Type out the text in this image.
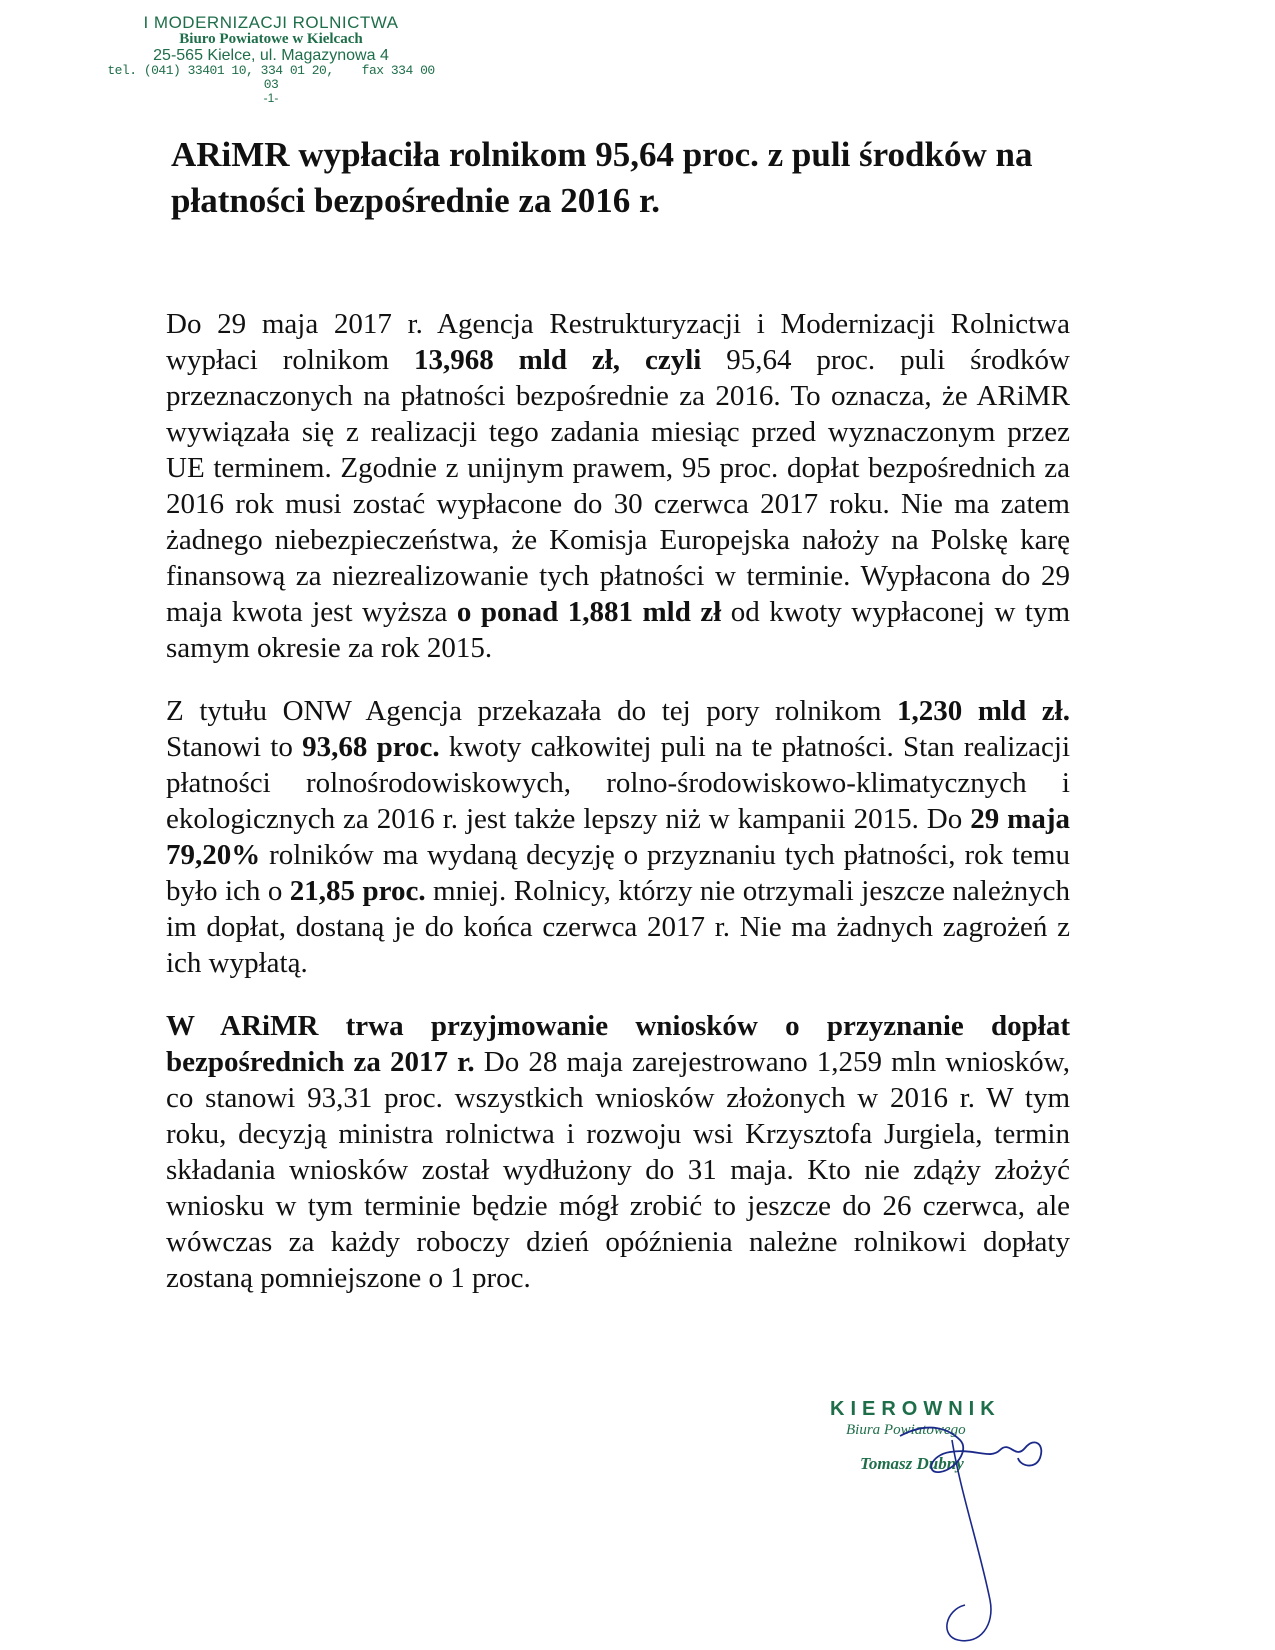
I MODERNIZACJI ROLNICTWA
Biuro Powiatowe w Kielcach
25-565 Kielce, ul. Magazynowa 4
tel. (041) 33401 10, 334 01 20, fax 334 00 03
-1-
ARiMR wypłaciła rolnikom 95,64 proc. z puli środków na płatności bezpośrednie za 2016 r.

Do 29 maja 2017 r. Agencja Restrukturyzacji i Modernizacji Rolnictwa wypłaci rolnikom 13,968 mld zł, czyli 95,64 proc. puli środków przeznaczonych na płatności bezpośrednie za 2016. To oznacza, że ARiMR wywiązała się z realizacji tego zadania miesiąc przed wyznaczonym przez UE terminem. Zgodnie z unijnym prawem, 95 proc. dopłat bezpośrednich za 2016 rok musi zostać wypłacone do 30 czerwca 2017 roku. Nie ma zatem żadnego niebezpieczeństwa, że Komisja Europejska nałoży na Polskę karę finansową za niezrealizowanie tych płatności w terminie. Wypłacona do 29 maja kwota jest wyższa o ponad 1,881 mld zł od kwoty wypłaconej w tym samym okresie za rok 2015.

Z tytułu ONW Agencja przekazała do tej pory rolnikom 1,230 mld zł. Stanowi to 93,68 proc. kwoty całkowitej puli na te płatności. Stan realizacji płatności rolnośrodowiskowych, rolno-środowiskowo-klimatycznych i ekologicznych za 2016 r. jest także lepszy niż w kampanii 2015. Do 29 maja 79,20% rolników ma wydaną decyzję o przyznaniu tych płatności, rok temu było ich o 21,85 proc. mniej. Rolnicy, którzy nie otrzymali jeszcze należnych im dopłat, dostaną je do końca czerwca 2017 r. Nie ma żadnych zagrożeń z ich wypłatą.

W ARiMR trwa przyjmowanie wniosków o przyznanie dopłat bezpośrednich za 2017 r. Do 28 maja zarejestrowano 1,259 mln wniosków, co stanowi 93,31 proc. wszystkich wniosków złożonych w 2016 r. W tym roku, decyzją ministra rolnictwa i rozwoju wsi Krzysztofa Jurgiela, termin składania wniosków został wydłużony do 31 maja. Kto nie zdąży złożyć wniosku w tym terminie będzie mógł zrobić to jeszcze do 26 czerwca, ale wówczas za każdy roboczy dzień opóźnienia należne rolnikowi dopłaty zostaną pomniejszone o 1 proc.

KIEROWNIK
Biura Powiatowego
Tomasz Dubny
